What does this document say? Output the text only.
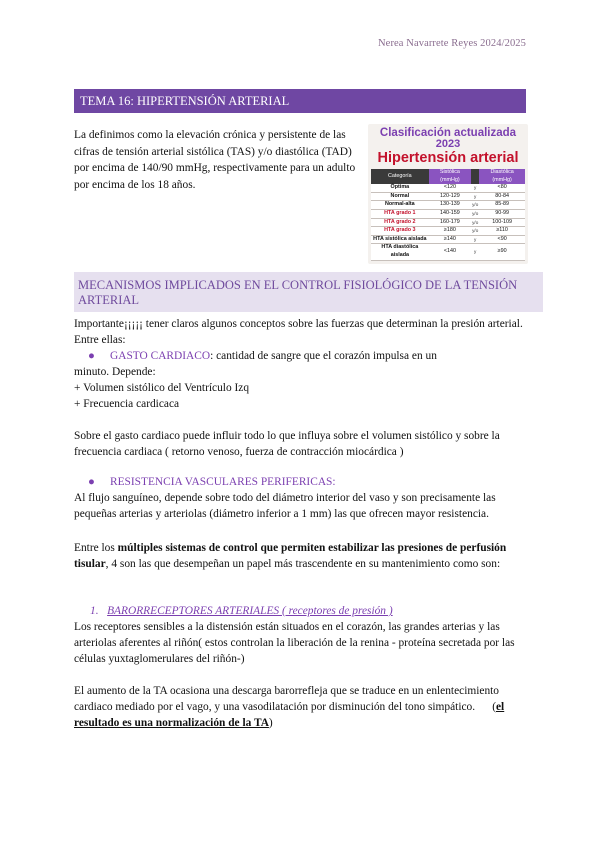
Nerea Navarrete Reyes 2024/2025
TEMA 16: HIPERTENSIÓN ARTERIAL
La definimos como la elevación crónica y persistente de las cifras de tensión arterial sistólica (TAS) y/o diastólica (TAD) por encima de 140/90 mmHg, respectivamente para un adulto por encima de los 18 años.
Clasificación actualizada
2023
Hipertensión arterial
Categoría	Sistólica (mmHg)		Diastólica (mmHg)
Óptima	<120	y	<80
Normal	120-129	y	80-84
Normal-alta	130-139	y/o	85-89
HTA grado 1	140-159	y/o	90-99
HTA grado 2	160-179	y/o	100-109
HTA grado 3	≥180	y/o	≥110
HTA sistólica aislada	≥140	y	<90
HTA diastólica aislada	<140	y	≥90
MECANISMOS IMPLICADOS EN EL CONTROL FISIOLÓGICO DE LA TENSIÓN ARTERIAL
Importante¡¡¡¡¡ tener claros algunos conceptos sobre las fuerzas que determinan la presión arterial. Entre ellas:
● GASTO CARDIACO: cantidad de sangre que el corazón impulsa en un
minuto. Depende:
+ Volumen sistólico del Ventrículo Izq
+ Frecuencia cardicaca
Sobre el gasto cardiaco puede influir todo lo que influya sobre el volumen sistólico y sobre la frecuencia cardiaca ( retorno venoso, fuerza de contracción miocárdica )
● RESISTENCIA VASCULARES PERIFERICAS:
Al flujo sanguíneo, depende sobre todo del diámetro interior del vaso y son precisamente las pequeñas arterias y arteriolas (diámetro inferior a 1 mm) las que ofrecen mayor resistencia.
Entre los múltiples sistemas de control que permiten estabilizar las presiones de perfusión tisular, 4 son las que desempeñan un papel más trascendente en su mantenimiento como son:
1. BARORRECEPTORES ARTERIALES ( receptores de presión )
Los receptores sensibles a la distensión están situados en el corazón, las grandes arterias y las arteriolas aferentes al riñón( estos controlan la liberación de la renina - proteína secretada por las células yuxtaglomerulares del riñón-)
El aumento de la TA ocasiona una descarga barorrefleja que se traduce en un enlentecimiento cardiaco mediado por el vago, y una vasodilatación por disminución del tono simpático. (el resultado es una normalización de la TA)
